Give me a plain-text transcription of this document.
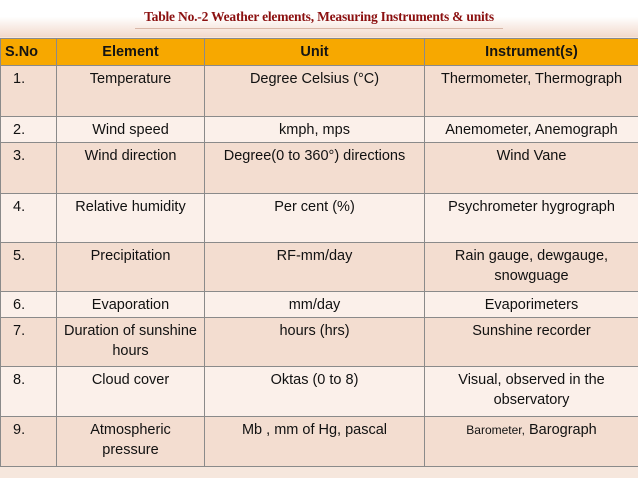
Table No.-2 Weather elements, Measuring Instruments & units
S.No	Element	Unit	Instrument(s)
1.	Temperature	Degree Celsius (°C)	Thermometer, Thermograph
2.	Wind speed	kmph, mps	Anemometer, Anemograph
3.	Wind direction	Degree(0 to 360°) directions	Wind Vane
4.	Relative humidity	Per cent (%)	Psychrometer hygrograph
5.	Precipitation	RF-mm/day	Rain gauge, dewgauge, snowguage
6.	Evaporation	mm/day	Evaporimeters
7.	Duration of sunshine hours	hours (hrs)	Sunshine recorder
8.	Cloud cover	Oktas (0 to 8)	Visual, observed in the observatory
9.	Atmospheric pressure	Mb , mm of Hg, pascal	Barometer, Barograph
